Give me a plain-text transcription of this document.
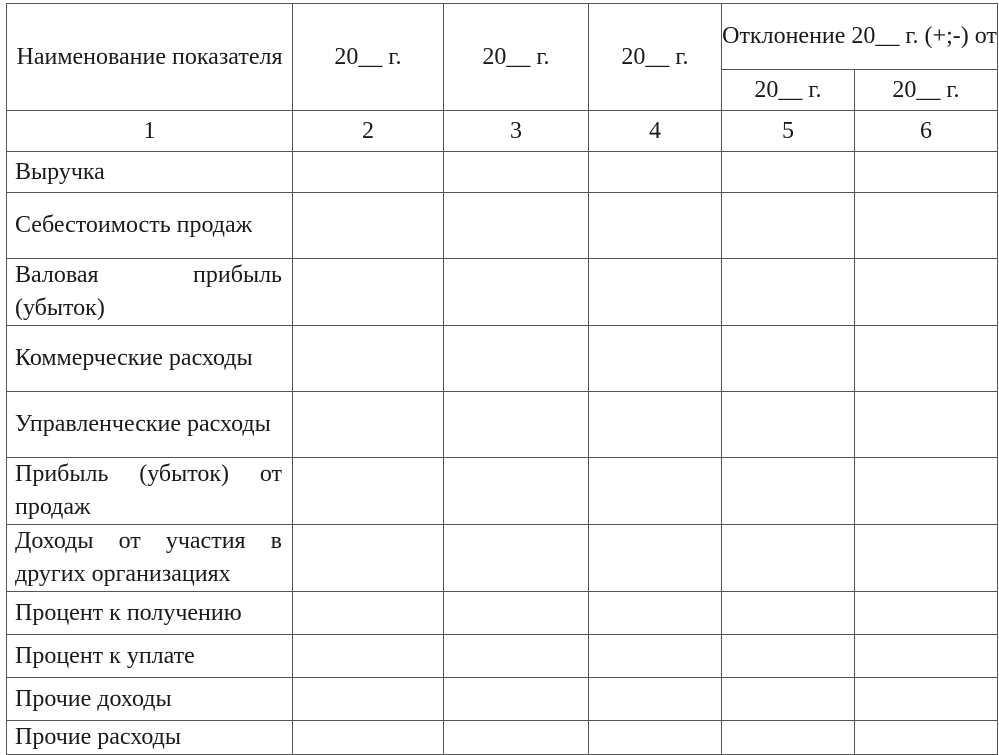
Наименование показателя	20__ г.	20__ г.	20__ г.	Отклонение 20__ г. (+;-) от	
				20__ г.	20__ г.
1	2	3	4	5	6
Выручка					
Себестоимость продаж					
Валовая прибыль (убыток)					
Коммерческие расходы					
Управленческие расходы					
Прибыль (убыток) от продаж					
Доходы от участия в других организациях					
Процент к получению					
Процент к уплате					
Прочие доходы					
Прочие расходы					
